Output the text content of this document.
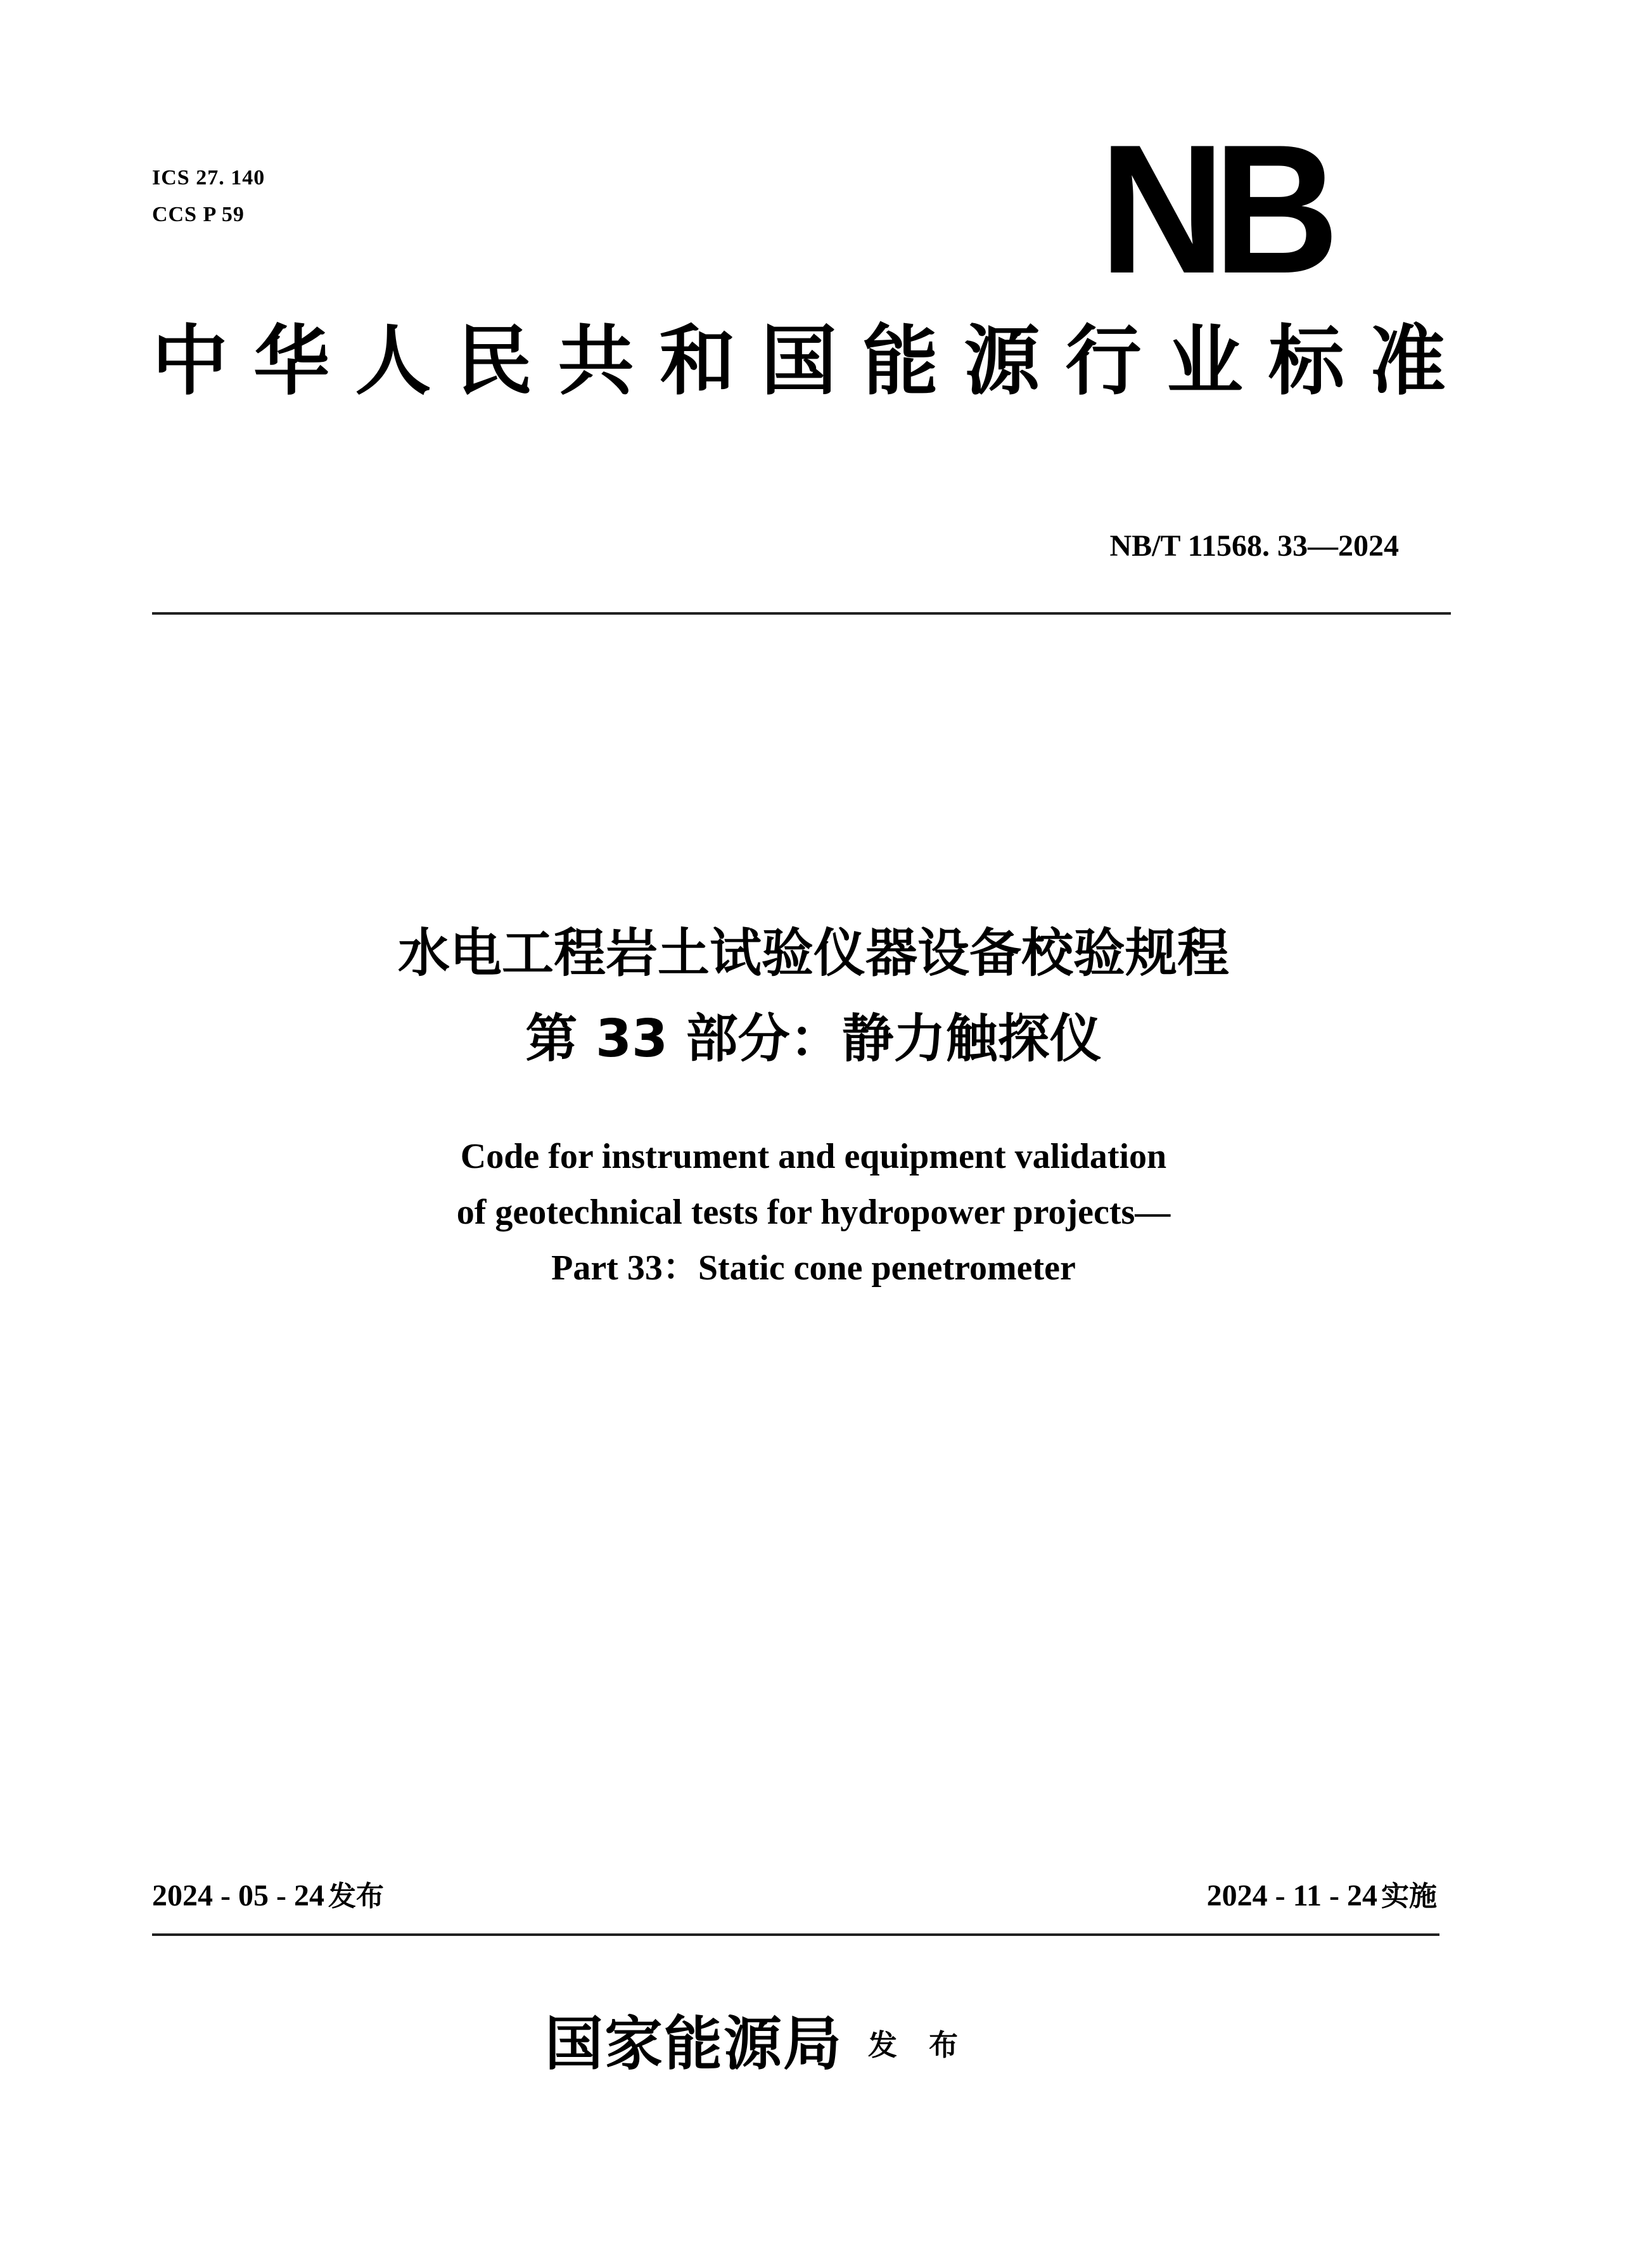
ICS 27. 140
CCS P 59	NB
中华人民共和国能源行业标准
NB/T 11568. 33—2024
水电工程岩土试验仪器设备校验规程
第 33 部分：静力触探仪
Code for instrument and equipment validation
of geotechnical tests for hydropower projects—
Part 33：Static cone penetrometer
2024 - 05 - 24 发布	2024 - 11 - 24 实施
国家能源局 发布
